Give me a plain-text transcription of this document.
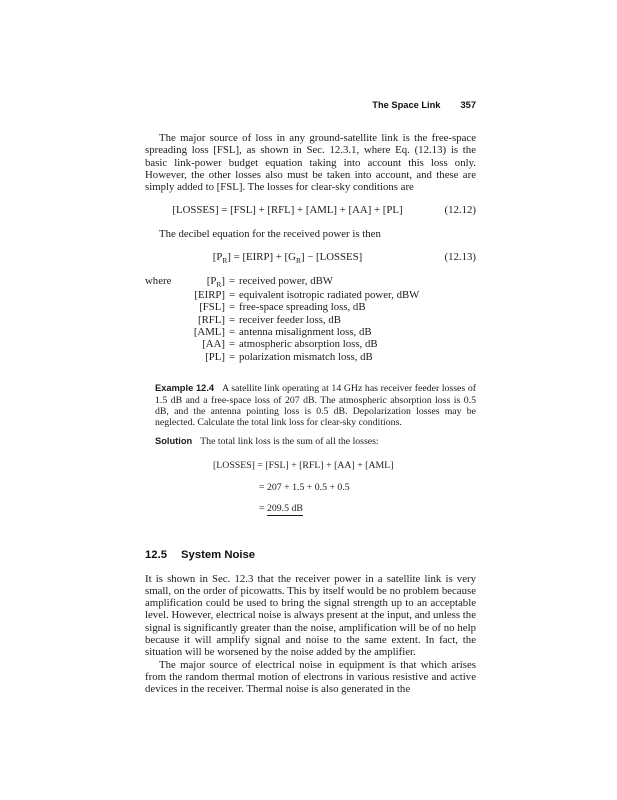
The Space Link 357

The major source of loss in any ground-satellite link is the free-space spreading loss [FSL], as shown in Sec. 12.3.1, where Eq. (12.13) is the basic link-power budget equation taking into account this loss only. However, the other losses also must be taken into account, and these are simply added to [FSL]. The losses for clear-sky conditions are

[LOSSES] = [FSL] + [RFL] + [AML] + [AA] + [PL]	(12.12)

The decibel equation for the received power is then

$[P_R]$ = [EIRP] + $[G_R]$ − [LOSSES]	(12.13)
where	$[P_R]$ = received power, dBW
[EIRP] = equivalent isotropic radiated power, dBW
[FSL] = free-space spreading loss, dB
[RFL] = receiver feeder loss, dB
[AML] = antenna misalignment loss, dB
[AA] = atmospheric absorption loss, dB
[PL] = polarization mismatch loss, dB

Example 12.4 A satellite link operating at 14 GHz has receiver feeder losses of 1.5 dB and a free-space loss of 207 dB. The atmospheric absorption loss is 0.5 dB, and the antenna pointing loss is 0.5 dB. Depolarization losses may be neglected. Calculate the total link loss for clear-sky conditions.

Solution The total link loss is the sum of all the losses:

[LOSSES] = [FSL] + [RFL] + [AA] + [AML]
= 207 + 1.5 + 0.5 + 0.5
= 209.5 dB
12.5 System Noise

It is shown in Sec. 12.3 that the receiver power in a satellite link is very small, on the order of picowatts. This by itself would be no problem because amplification could be used to bring the signal strength up to an acceptable level. However, electrical noise is always present at the input, and unless the signal is significantly greater than the noise, amplification will be of no help because it will amplify signal and noise to the same extent. In fact, the situation will be worsened by the noise added by the amplifier.

The major source of electrical noise in equipment is that which arises from the random thermal motion of electrons in various resistive and active devices in the receiver. Thermal noise is also generated in the
